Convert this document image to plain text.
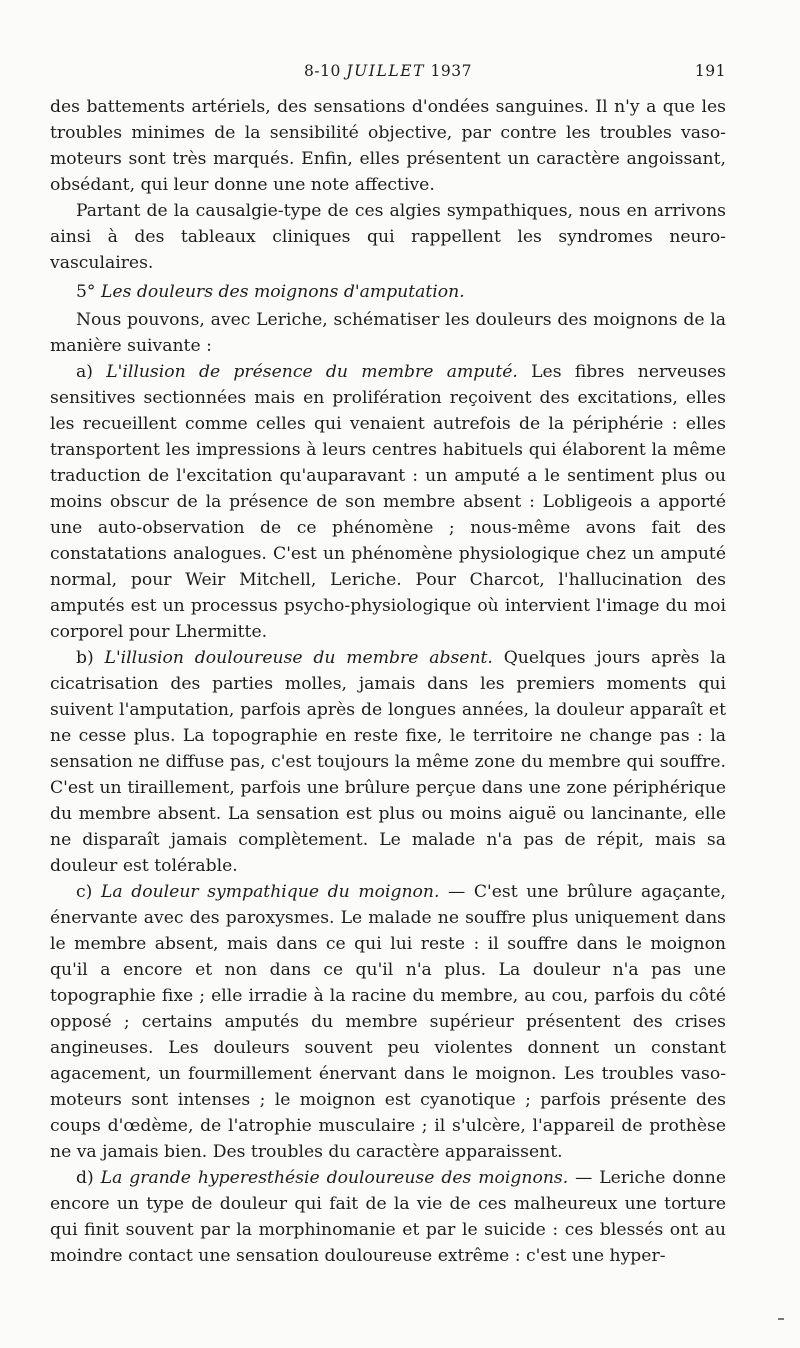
8-10 JUILLET 1937	191

des battements artériels, des sensations d'ondées sanguines. Il n'y a que les troubles minimes de la sensibilité objective, par contre les troubles vaso-moteurs sont très marqués. Enfin, elles présentent un caractère angoissant, obsédant, qui leur donne une note affective.

Partant de la causalgie-type de ces algies sympathiques, nous en arrivons ainsi à des tableaux cliniques qui rappellent les syndromes neuro-vasculaires.

5° Les douleurs des moignons d'amputation.

Nous pouvons, avec Leriche, schématiser les douleurs des moignons de la manière suivante :

a) L'illusion de présence du membre amputé. Les fibres nerveuses sensitives sectionnées mais en prolifération reçoivent des excitations, elles les recueillent comme celles qui venaient autrefois de la périphérie : elles transportent les impressions à leurs centres habituels qui élaborent la même traduction de l'excitation qu'auparavant : un amputé a le sentiment plus ou moins obscur de la présence de son membre absent : Lobligeois a apporté une auto-observation de ce phénomène ; nous-même avons fait des constatations analogues. C'est un phénomène physiologique chez un amputé normal, pour Weir Mitchell, Leriche. Pour Charcot, l'hallucination des amputés est un processus psycho-physiologique où intervient l'image du moi corporel pour Lhermitte.

b) L'illusion douloureuse du membre absent. Quelques jours après la cicatrisation des parties molles, jamais dans les premiers moments qui suivent l'amputation, parfois après de longues années, la douleur apparaît et ne cesse plus. La topographie en reste fixe, le territoire ne change pas : la sensation ne diffuse pas, c'est toujours la même zone du membre qui souffre. C'est un tiraillement, parfois une brûlure perçue dans une zone périphérique du membre absent. La sensation est plus ou moins aiguë ou lancinante, elle ne disparaît jamais complètement. Le malade n'a pas de répit, mais sa douleur est tolérable.

c) La douleur sympathique du moignon. — C'est une brûlure agaçante, énervante avec des paroxysmes. Le malade ne souffre plus uniquement dans le membre absent, mais dans ce qui lui reste : il souffre dans le moignon qu'il a encore et non dans ce qu'il n'a plus. La douleur n'a pas une topographie fixe ; elle irradie à la racine du membre, au cou, parfois du côté opposé ; certains amputés du membre supérieur présentent des crises angineuses. Les douleurs souvent peu violentes donnent un constant agacement, un fourmillement énervant dans le moignon. Les troubles vaso-moteurs sont intenses ; le moignon est cyanotique ; parfois présente des coups d'œdème, de l'atrophie musculaire ; il s'ulcère, l'appareil de prothèse ne va jamais bien. Des troubles du caractère apparaissent.

d) La grande hyperesthésie douloureuse des moignons. — Leriche donne encore un type de douleur qui fait de la vie de ces malheureux une torture qui finit souvent par la morphinomanie et par le suicide : ces blessés ont au moindre contact une sensation douloureuse extrême : c'est une hyper-
